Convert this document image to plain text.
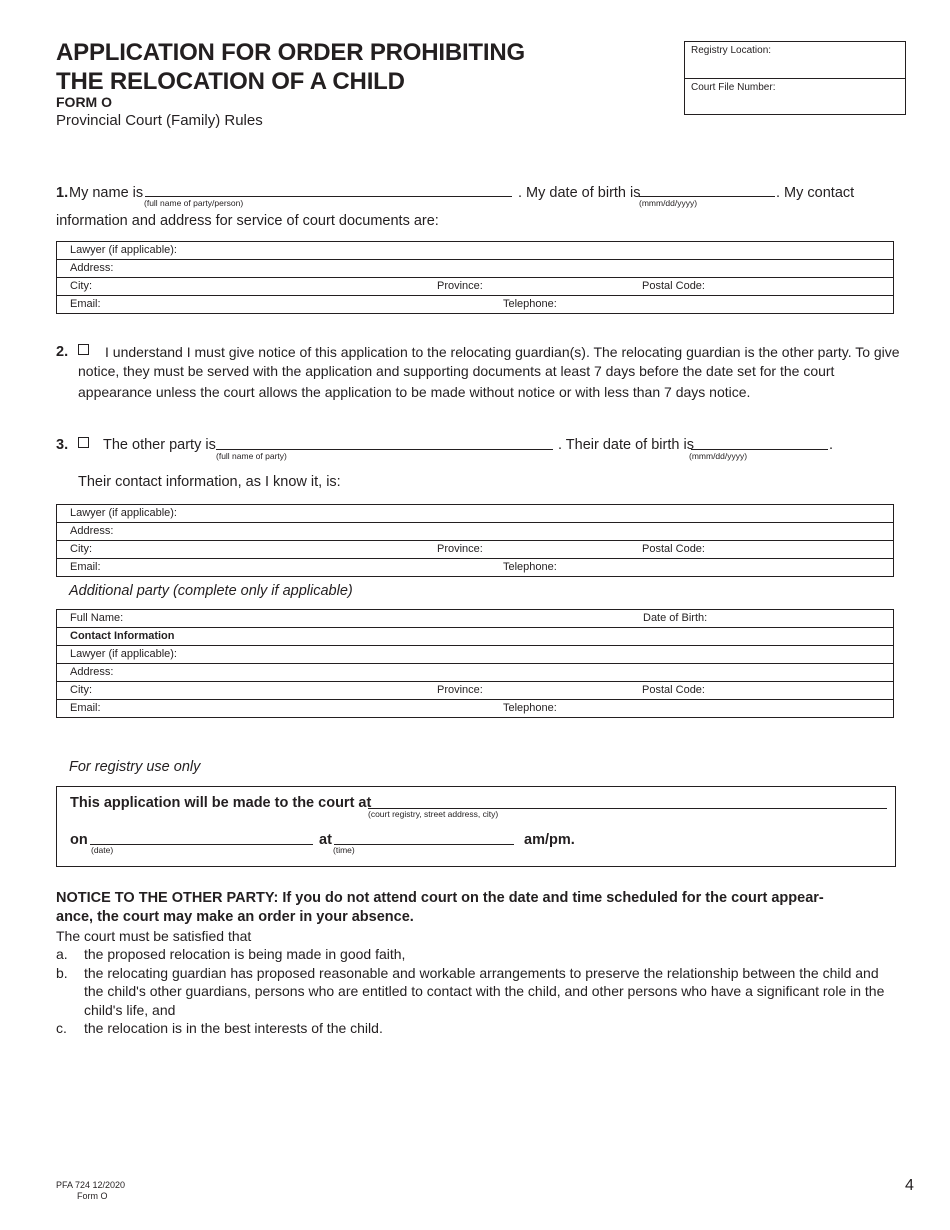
APPLICATION FOR ORDER PROHIBITING
THE RELOCATION OF A CHILD
FORM O
Provincial Court (Family) Rules
Registry Location:
Court File Number:
1. My name is
(full name of party/person)
. My date of birth is
(mmm/dd/yyyy)
. My contact
information and address for service of court documents are:
Lawyer (if applicable):
Address:
City:	Province:	Postal Code:
Email:	Telephone:
2.	I understand I must give notice of this application to the relocating guardian(s). The relocating guardian is the other party. To give
notice, they must be served with the application and supporting documents at least 7 days before the date set for the court
appearance unless the court allows the application to be made without notice or with less than 7 days notice.
3. The other party is
(full name of party)
. Their date of birth is
(mmm/dd/yyyy)
.
Their contact information, as I know it, is:
Lawyer (if applicable):
Address:
City:	Province:	Postal Code:
Email:	Telephone:
Additional party (complete only if applicable)
Full Name:	Date of Birth:
Contact Information
Lawyer (if applicable):
Address:
City:	Province:	Postal Code:
Email:	Telephone:
For registry use only
This application will be made to the court at
(court registry, street address, city)
on
(date)
at
(time)
am/pm.
NOTICE TO THE OTHER PARTY: If you do not attend court on the date and time scheduled for the court appear-
ance, the court may make an order in your absence.
The court must be satisfied that
a. the proposed relocation is being made in good faith,
b. the relocating guardian has proposed reasonable and workable arrangements to preserve the relationship between the child and
the child's other guardians, persons who are entitled to contact with the child, and other persons who have a significant role in the
child's life, and
c. the relocation is in the best interests of the child.
PFA 724 12/2020
Form O
4
